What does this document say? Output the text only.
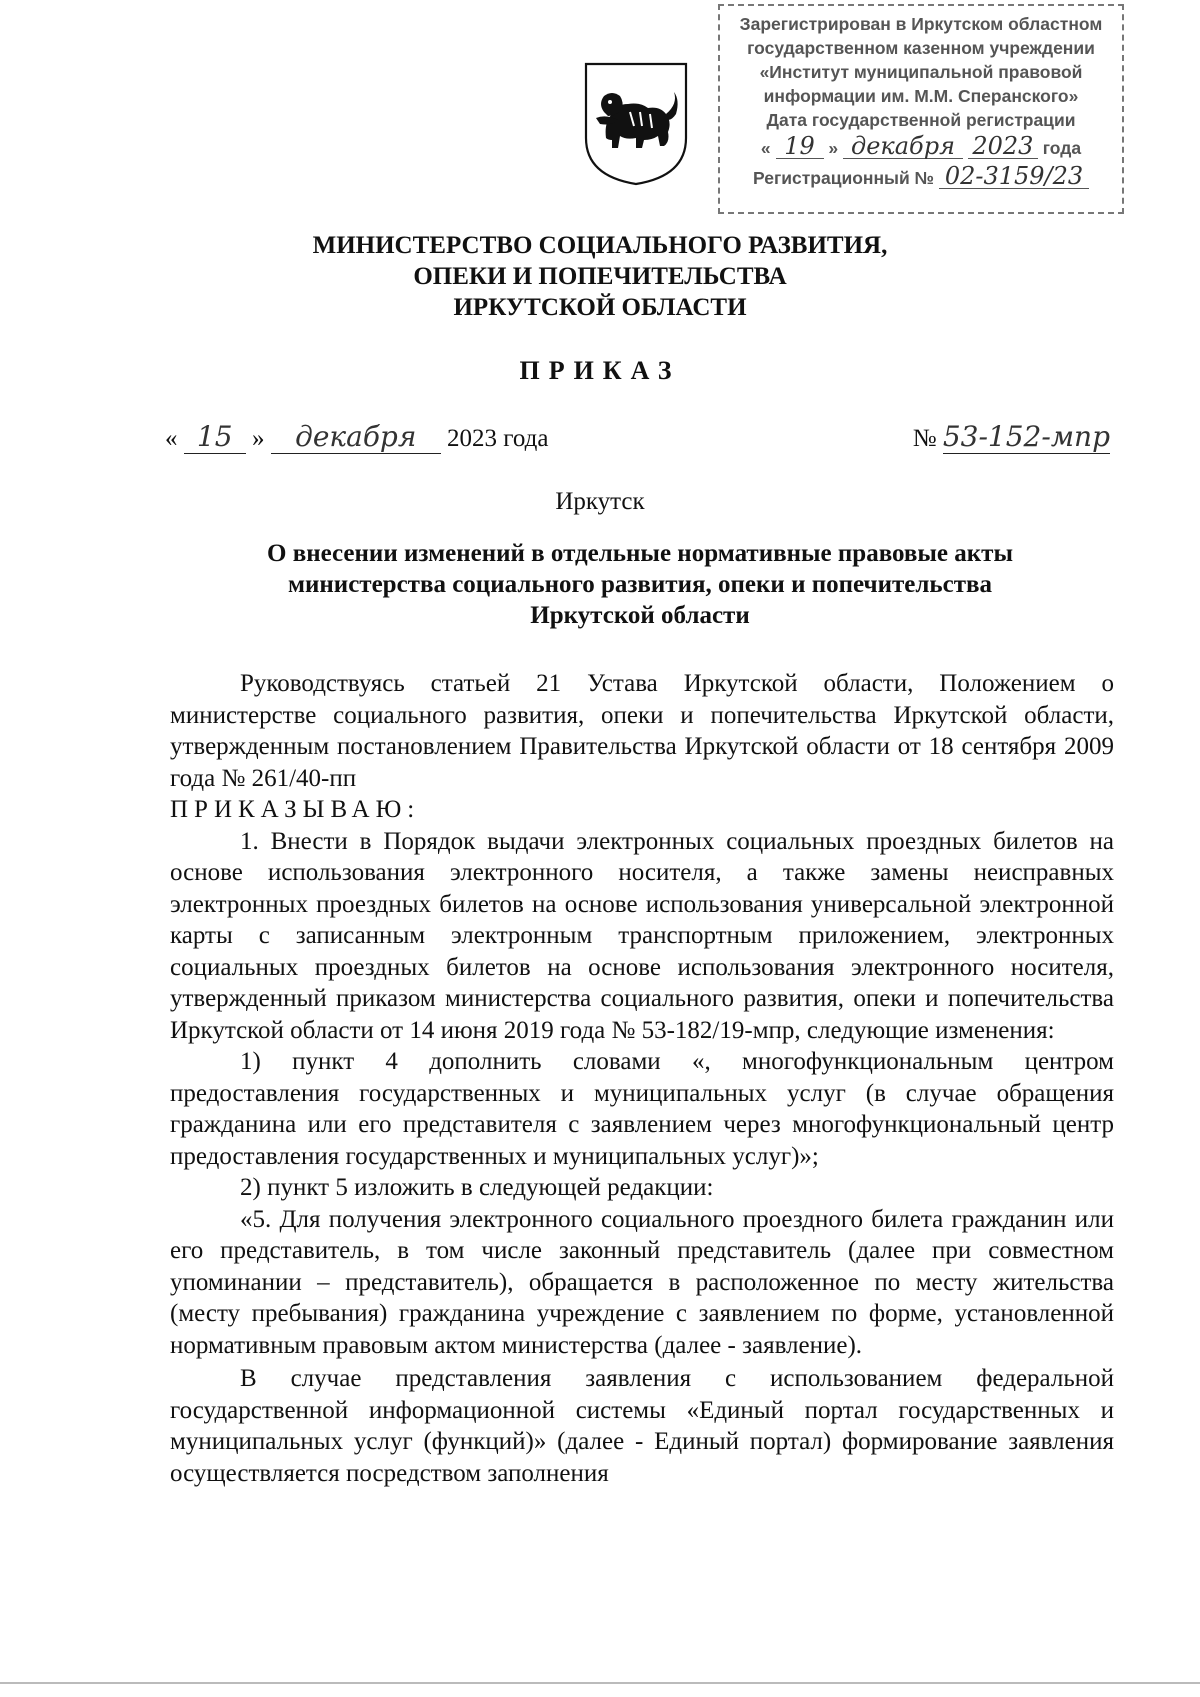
Зарегистрирован в Иркутском областном
государственном казенном учреждении
«Институт муниципальной правовой
информации им. М.М. Сперанского»
Дата государственной регистрации
« 19 » декабря 2023 года
Регистрационный № 02-3159/23
МИНИСТЕРСТВО СОЦИАЛЬНОГО РАЗВИТИЯ,
ОПЕКИ И ПОПЕЧИТЕЛЬСТВА
ИРКУТСКОЙ ОБЛАСТИ
ПРИКАЗ
« 15 » декабря 2023 года	№ 53-152-мпр
Иркутск
О внесении изменений в отдельные нормативные правовые акты
министерства социального развития, опеки и попечительства
Иркутской области

Руководствуясь статьей 21 Устава Иркутской области, Положением о министерстве социального развития, опеки и попечительства Иркутской области, утвержденным постановлением Правительства Иркутской области от 18 сентября 2009 года № 261/40-пп

ПРИКАЗЫВАЮ:

1. Внести в Порядок выдачи электронных социальных проездных билетов на основе использования электронного носителя, а также замены неисправных электронных проездных билетов на основе использования универсальной электронной карты с записанным электронным транспортным приложением, электронных социальных проездных билетов на основе использования электронного носителя, утвержденный приказом министерства социального развития, опеки и попечительства Иркутской области от 14 июня 2019 года № 53-182/19-мпр, следующие изменения:

1) пункт 4 дополнить словами «, многофункциональным центром предоставления государственных и муниципальных услуг (в случае обращения гражданина или его представителя с заявлением через многофункциональный центр предоставления государственных и муниципальных услуг)»;

2) пункт 5 изложить в следующей редакции:

«5. Для получения электронного социального проездного билета гражданин или его представитель, в том числе законный представитель (далее при совместном упоминании – представитель), обращается в расположенное по месту жительства (месту пребывания) гражданина учреждение с заявлением по форме, установленной нормативным правовым актом министерства (далее - заявление).

В случае представления заявления с использованием федеральной государственной информационной системы «Единый портал государственных и муниципальных услуг (функций)» (далее - Единый портал) формирование заявления осуществляется посредством заполнения
